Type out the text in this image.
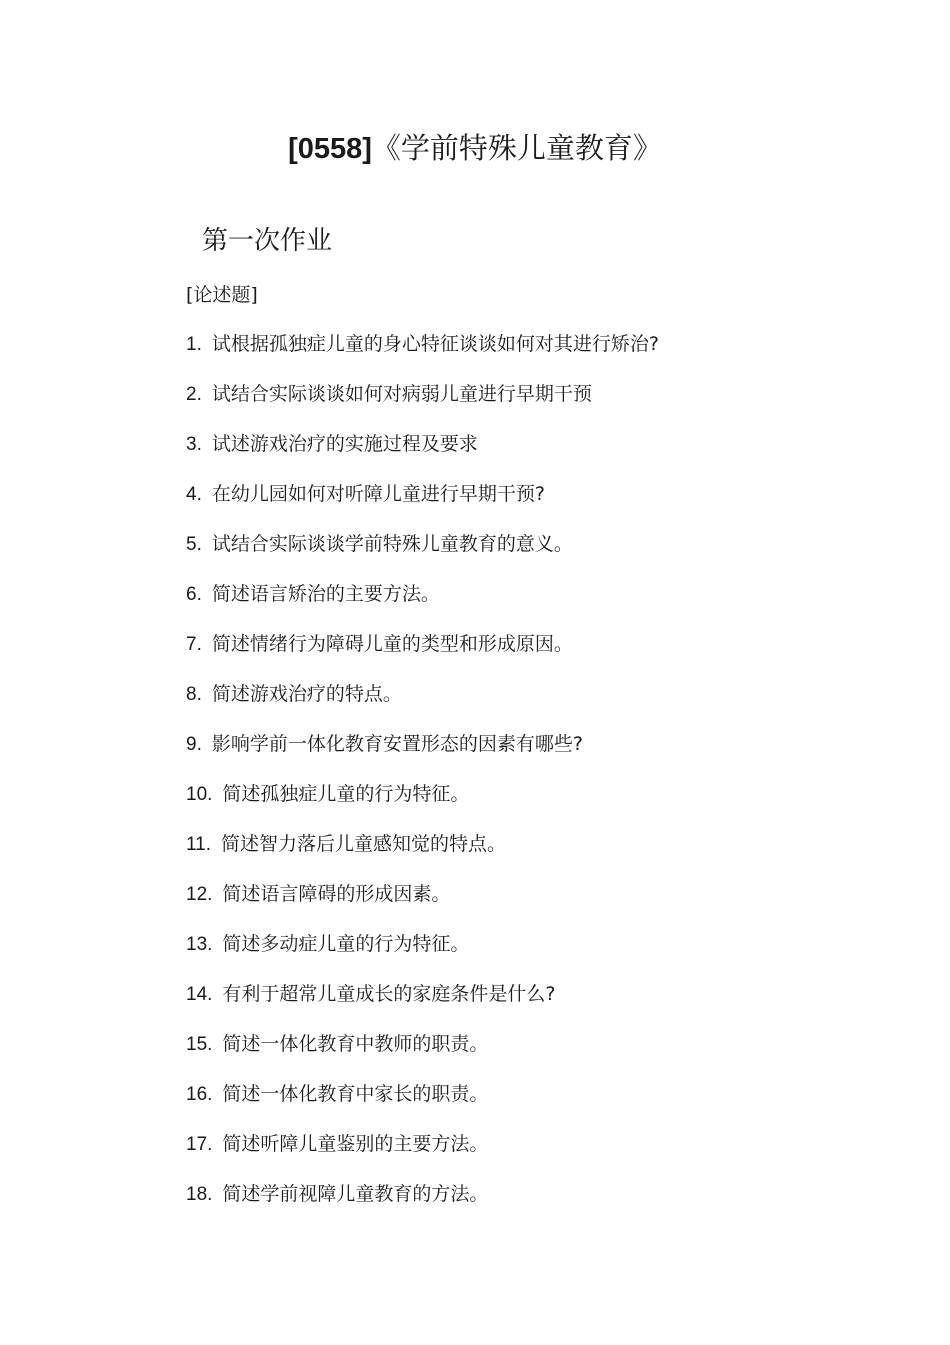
[0558]《学前特殊儿童教育》
第一次作业
[论述题]
1. 试根据孤独症儿童的身心特征谈谈如何对其进行矫治?
2. 试结合实际谈谈如何对病弱儿童进行早期干预
3. 试述游戏治疗的实施过程及要求
4. 在幼儿园如何对听障儿童进行早期干预?
5. 试结合实际谈谈学前特殊儿童教育的意义。
6. 简述语言矫治的主要方法。
7. 简述情绪行为障碍儿童的类型和形成原因。
8. 简述游戏治疗的特点。
9. 影响学前一体化教育安置形态的因素有哪些?
10. 简述孤独症儿童的行为特征。
11. 简述智力落后儿童感知觉的特点。
12. 简述语言障碍的形成因素。
13. 简述多动症儿童的行为特征。
14. 有利于超常儿童成长的家庭条件是什么?
15. 简述一体化教育中教师的职责。
16. 简述一体化教育中家长的职责。
17. 简述听障儿童鉴别的主要方法。
18. 简述学前视障儿童教育的方法。
